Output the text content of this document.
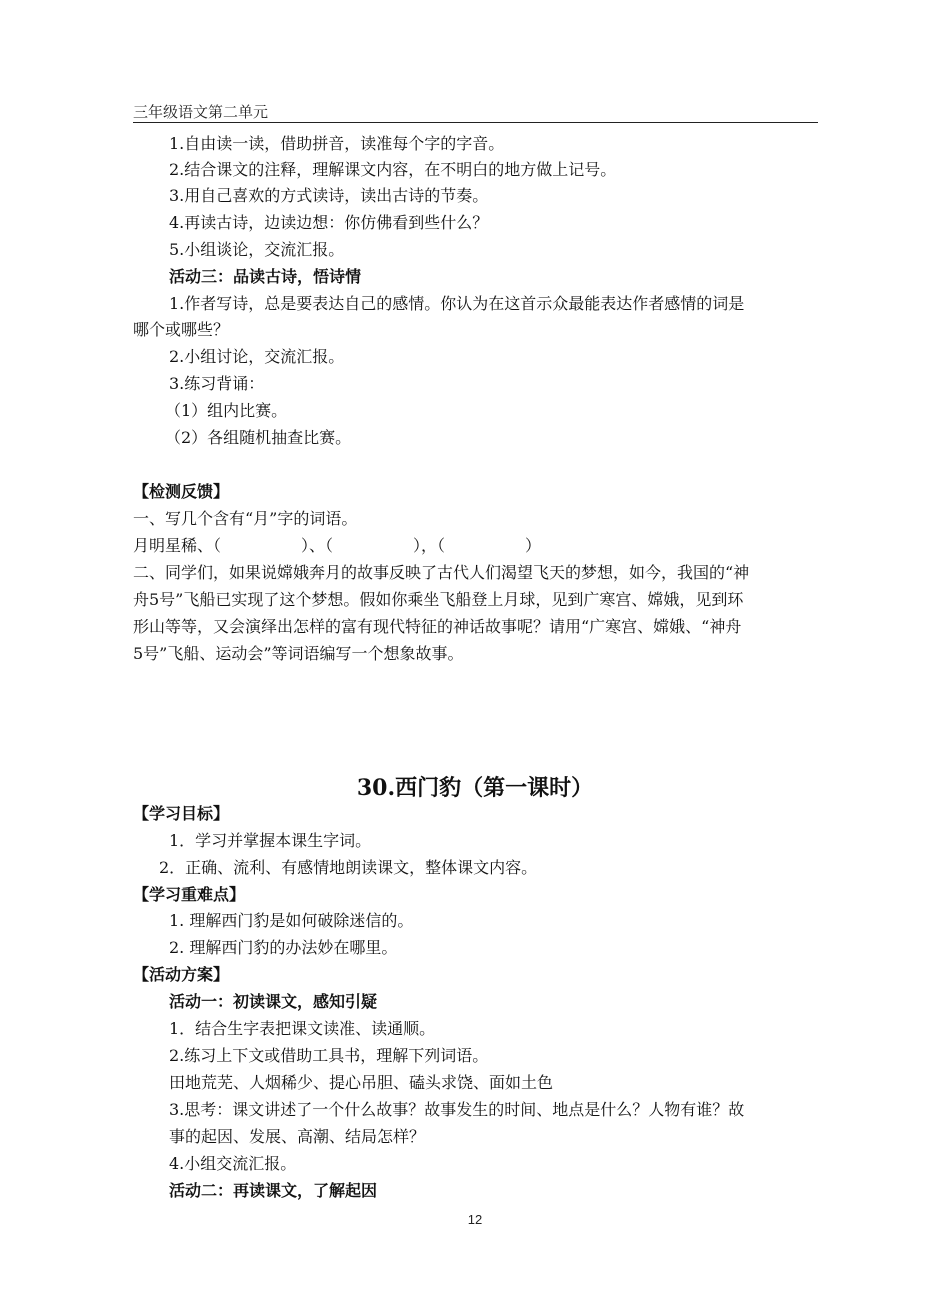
三年级语文第二单元
1.自由读一读，借助拼音，读准每个字的字音。
2.结合课文的注释，理解课文内容，在不明白的地方做上记号。
3.用自己喜欢的方式读诗，读出古诗的节奏。
4.再读古诗，边读边想：你仿佛看到些什么？
5.小组谈论，交流汇报。
活动三：品读古诗，悟诗情
1.作者写诗，总是要表达自己的感情。你认为在这首示众最能表达作者感情的词是
哪个或哪些？
2.小组讨论，交流汇报。
3.练习背诵：
（1）组内比赛。
（2）各组随机抽查比赛。
【检测反馈】
一、写几个含有“月”字的词语。
月明星稀、（	）、（	），（	）
二、同学们，如果说嫦娥奔月的故事反映了古代人们渴望飞天的梦想，如今，我国的“神
舟5号”飞船已实现了这个梦想。假如你乘坐飞船登上月球，见到广寒宫、嫦娥，见到环
形山等等，又会演绎出怎样的富有现代特征的神话故事呢？请用“广寒宫、嫦娥、“神舟
5号”飞船、运动会”等词语编写一个想象故事。
30.西门豹（第一课时）
【学习目标】
1．学习并掌握本课生字词。
2．正确、流利、有感情地朗读课文，整体课文内容。
【学习重难点】
1. 理解西门豹是如何破除迷信的。
2. 理解西门豹的办法妙在哪里。
【活动方案】
活动一：初读课文，感知引疑
1．结合生字表把课文读准、读通顺。
2.练习上下文或借助工具书，理解下列词语。
田地荒芜、人烟稀少、提心吊胆、磕头求饶、面如土色
3.思考：课文讲述了一个什么故事？故事发生的时间、地点是什么？人物有谁？故
事的起因、发展、高潮、结局怎样？
4.小组交流汇报。
活动二：再读课文，了解起因
12
